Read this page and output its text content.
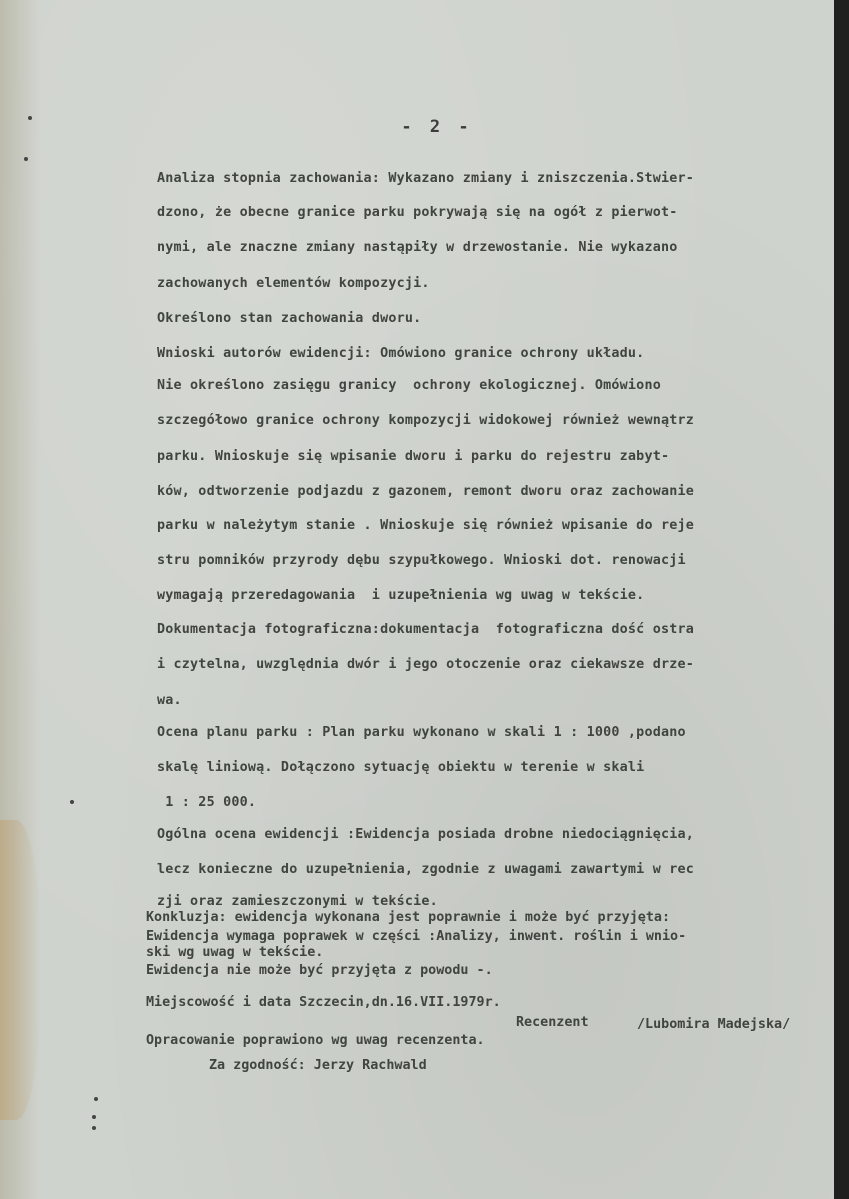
- 2 -
Analiza stopnia zachowania: Wykazano zmiany i zniszczenia.Stwier-
dzono, że obecne granice parku pokrywają się na ogół z pierwot-
nymi, ale znaczne zmiany nastąpiły w drzewostanie. Nie wykazano
zachowanych elementów kompozycji.
Określono stan zachowania dworu.
Wnioski autorów ewidencji: Omówiono granice ochrony układu.
Nie określono zasięgu granicy  ochrony ekologicznej. Omówiono
szczegółowo granice ochrony kompozycji widokowej również wewnątrz
parku. Wnioskuje się wpisanie dworu i parku do rejestru zabyt-
ków, odtworzenie podjazdu z gazonem, remont dworu oraz zachowanie
parku w należytym stanie . Wnioskuje się również wpisanie do reje
stru pomników przyrody dębu szypułkowego. Wnioski dot. renowacji
wymagają przeredagowania  i uzupełnienia wg uwag w tekście.
Dokumentacja fotograficzna:dokumentacja  fotograficzna dość ostra
i czytelna, uwzględnia dwór i jego otoczenie oraz ciekawsze drze-
wa.
Ocena planu parku : Plan parku wykonano w skali 1 : 1000 ,podano
skalę liniową. Dołączono sytuację obiektu w terenie w skali
1 : 25 000.
Ogólna ocena ewidencji :Ewidencja posiada drobne niedociągnięcia,
lecz konieczne do uzupełnienia, zgodnie z uwagami zawartymi w rec
zji oraz zamieszczonymi w tekście.
Konkluzja: ewidencja wykonana jest poprawnie i może być przyjęta:
Ewidencja wymaga poprawek w części :Analizy, inwent. roślin i wnio-
ski wg uwag w tekście.
Ewidencja nie może być przyjęta z powodu -.
Miejscowość i data Szczecin,dn.16.VII.1979r.
Recenzent	/Lubomira Madejska/
Opracowanie poprawiono wg uwag recenzenta.
Za zgodność: Jerzy Rachwald
